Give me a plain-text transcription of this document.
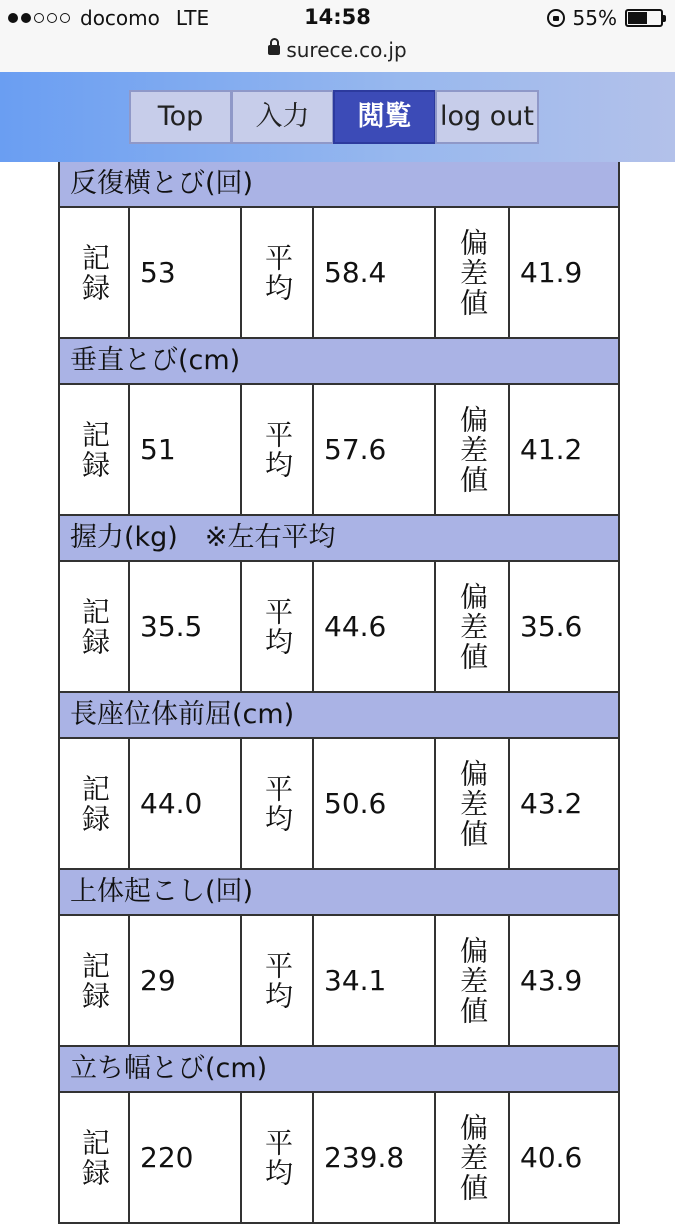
docomo LTE	14:58	55%
surece.co.jp
Top	入力	閲覧	log out
反復横とび(回)
記録	53	平均	58.4	偏差値	41.9
垂直とび(cm)
記録	51	平均	57.6	偏差値	41.2
握力(kg)　※左右平均
記録	35.5	平均	44.6	偏差値	35.6
長座位体前屈(cm)
記録	44.0	平均	50.6	偏差値	43.2
上体起こし(回)
記録	29	平均	34.1	偏差値	43.9
立ち幅とび(cm)
記録	220	平均	239.8	偏差値	40.6
